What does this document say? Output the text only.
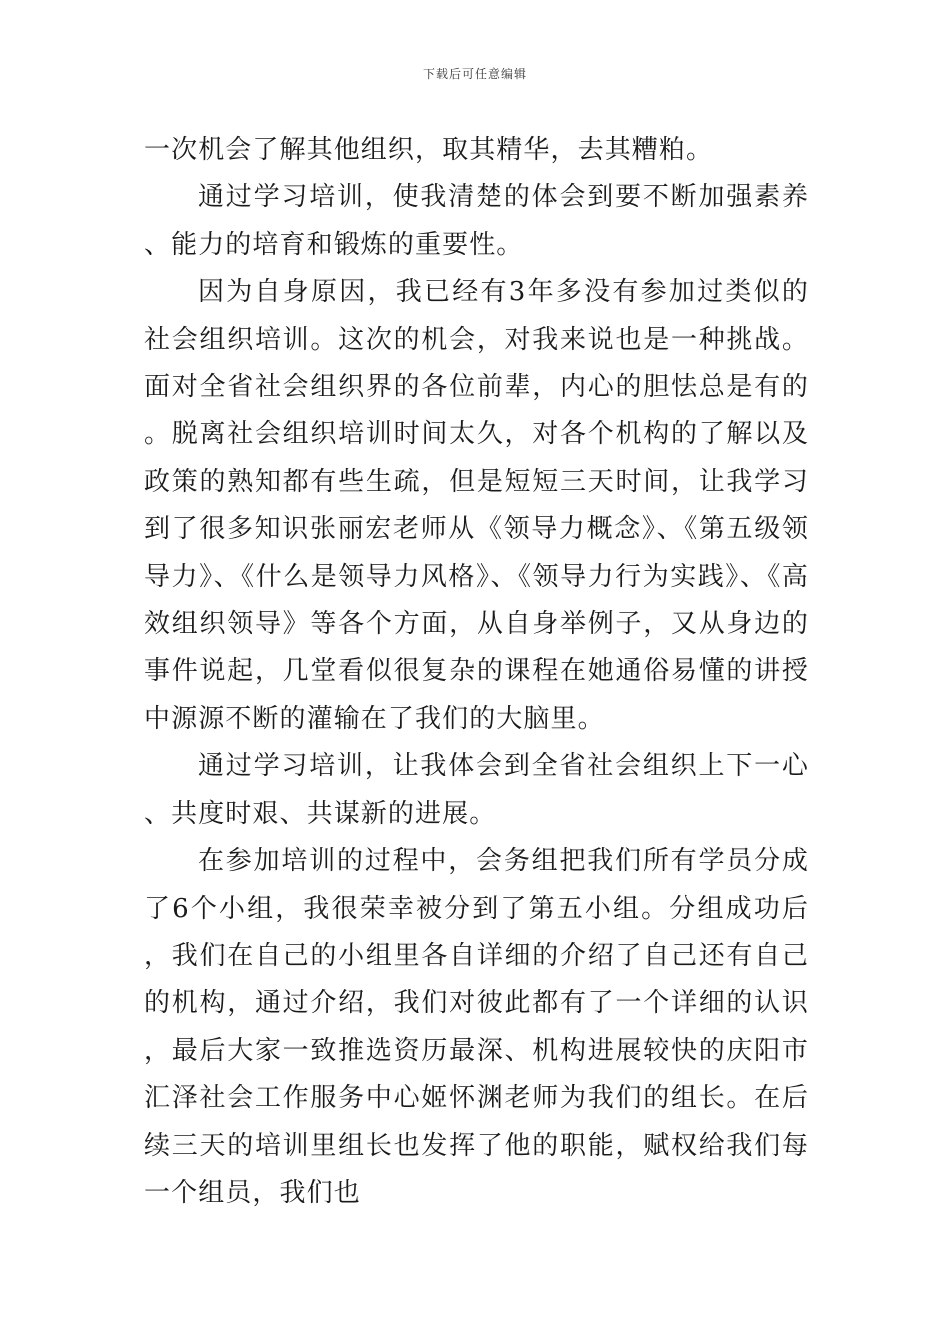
下载后可任意编辑

一次机会了解其他组织，取其精华，去其糟粕。

通过学习培训，使我清楚的体会到要不断加强素养、能力的培育和锻炼的重要性。

因为自身原因，我已经有3年多没有参加过类似的社会组织培训。这次的机会，对我来说也是一种挑战。面对全省社会组织界的各位前辈，内心的胆怯总是有的。脱离社会组织培训时间太久，对各个机构的了解以及政策的熟知都有些生疏，但是短短三天时间，让我学习到了很多知识张丽宏老师从《领导力概念》、《第五级领导力》、《什么是领导力风格》、《领导力行为实践》、《高效组织领导》等各个方面，从自身举例子，又从身边的事件说起，几堂看似很复杂的课程在她通俗易懂的讲授中源源不断的灌输在了我们的大脑里。

通过学习培训，让我体会到全省社会组织上下一心、共度时艰、共谋新的进展。

在参加培训的过程中，会务组把我们所有学员分成了6个小组，我很荣幸被分到了第五小组。分组成功后，我们在自己的小组里各自详细的介绍了自己还有自己的机构，通过介绍，我们对彼此都有了一个详细的认识，最后大家一致推选资历最深、机构进展较快的庆阳市汇泽社会工作服务中心姬怀渊老师为我们的组长。在后续三天的培训里组长也发挥了他的职能，赋权给我们每一个组员，我们也
